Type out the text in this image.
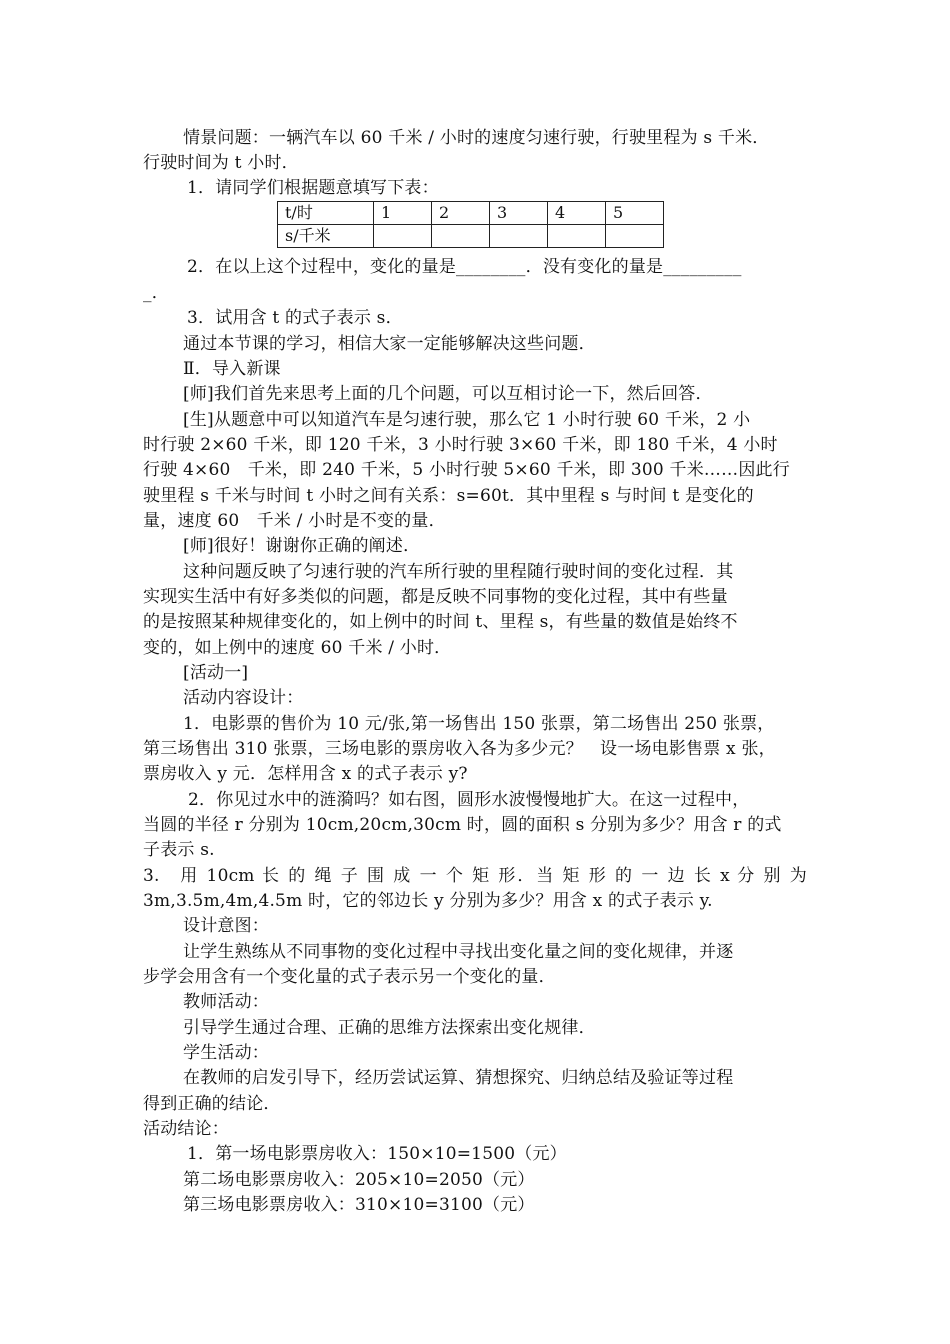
情景问题：一辆汽车以 60 千米 / 小时的速度匀速行驶，行驶里程为 s 千米．
行驶时间为 t 小时．
1．请同学们根据题意填写下表：
t/时	1	2	3	4	5
s/千米					
2．在以上这个过程中，变化的量是________．没有变化的量是_________
_．
3．试用含 t 的式子表示 s．
通过本节课的学习，相信大家一定能够解决这些问题．
Ⅱ．导入新课
[师]我们首先来思考上面的几个问题，可以互相讨论一下，然后回答．
[生]从题意中可以知道汽车是匀速行驶，那么它 1 小时行驶 60 千米，2 小
时行驶 2×60 千米，即 120 千米，3 小时行驶 3×60 千米，即 180 千米，4 小时
行驶 4×60　千米，即 240 千米，5 小时行驶 5×60 千米，即 300 千米……因此行
驶里程 s 千米与时间 t 小时之间有关系：s=60t．其中里程 s 与时间 t 是变化的
量，速度 60　千米 / 小时是不变的量．
[师]很好！谢谢你正确的阐述．
这种问题反映了匀速行驶的汽车所行驶的里程随行驶时间的变化过程．其
实现实生活中有好多类似的问题，都是反映不同事物的变化过程，其中有些量
的是按照某种规律变化的，如上例中的时间 t、里程 s，有些量的数值是始终不
变的，如上例中的速度 60 千米 / 小时．
[活动一]
活动内容设计：
1．电影票的售价为 10 元/张,第一场售出 150 张票，第二场售出 250 张票，
第三场售出 310 张票，三场电影的票房收入各为多少元？　设一场电影售票 x 张，
票房收入 y 元．怎样用含 x 的式子表示 y?
2．你见过水中的涟漪吗？如右图，圆形水波慢慢地扩大。在这一过程中，
当圆的半径 r 分别为 10cm,20cm,30cm 时，圆的面积 s 分别为多少？用含 r 的式
子表示 s.
3.　用 10cm 长 的 绳 子 围 成 一 个 矩 形．当 矩 形 的 一 边 长 x 分 别 为
3m,3.5m,4m,4.5m 时，它的邻边长 y 分别为多少？用含 x 的式子表示 y.
设计意图：
让学生熟练从不同事物的变化过程中寻找出变化量之间的变化规律，并逐
步学会用含有一个变化量的式子表示另一个变化的量．
教师活动：
引导学生通过合理、正确的思维方法探索出变化规律．
学生活动：
在教师的启发引导下，经历尝试运算、猜想探究、归纳总结及验证等过程
得到正确的结论．
活动结论：
1．第一场电影票房收入：150×10=1500（元）
第二场电影票房收入：205×10=2050（元）
第三场电影票房收入：310×10=3100（元）
